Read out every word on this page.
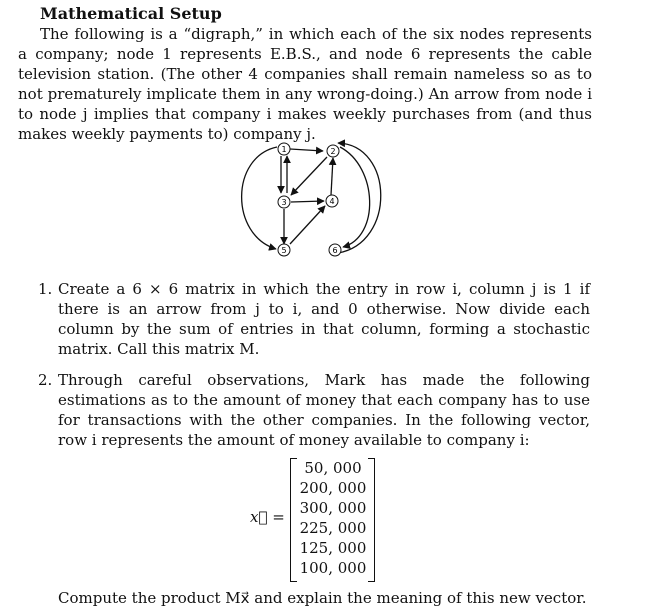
Mathematical Setup
The following is a “digraph,” in which each of the six nodes represents a company; node 1 represents E.B.S., and node 6 represents the cable television station. (The other 4 companies shall remain nameless so as to not prematurely implicate them in any wrong-doing.) An arrow from node i to node j implies that company i makes weekly purchases from (and thus makes weekly payments to) company j.
1	2
3	4
5	6
1. Create a 6 × 6 matrix in which the entry in row i, column j is 1 if there is an arrow from j to i, and 0 otherwise. Now divide each column by the sum of entries in that column, forming a stochastic matrix. Call this matrix M.
2. Through careful observations, Mark has made the following estimations as to the amount of money that each company has to use for transactions with the other companies. In the following vector, row i represents the amount of money available to company i:
x⃗ =
50, 000
200, 000
300, 000
225, 000
125, 000
100, 000
Compute the product Mx⃗ and explain the meaning of this new vector.
